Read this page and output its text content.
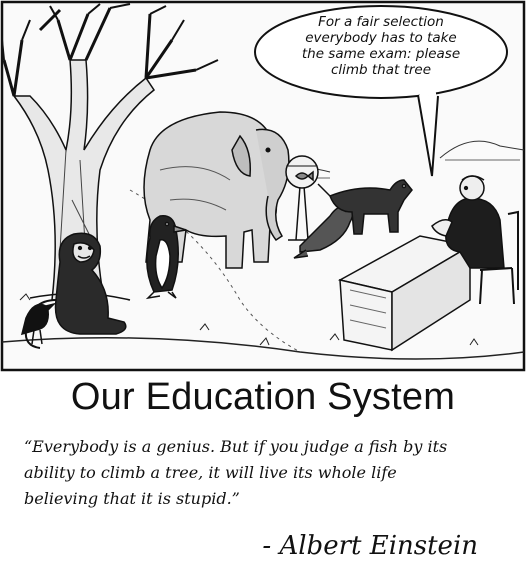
For a fair selection
everybody has to take
the same exam: please
climb that tree
Our Education System
“Everybody is a genius. But if you judge a fish by its
ability to climb a tree, it will live its whole life
believing that it is stupid.”
- Albert Einstein
